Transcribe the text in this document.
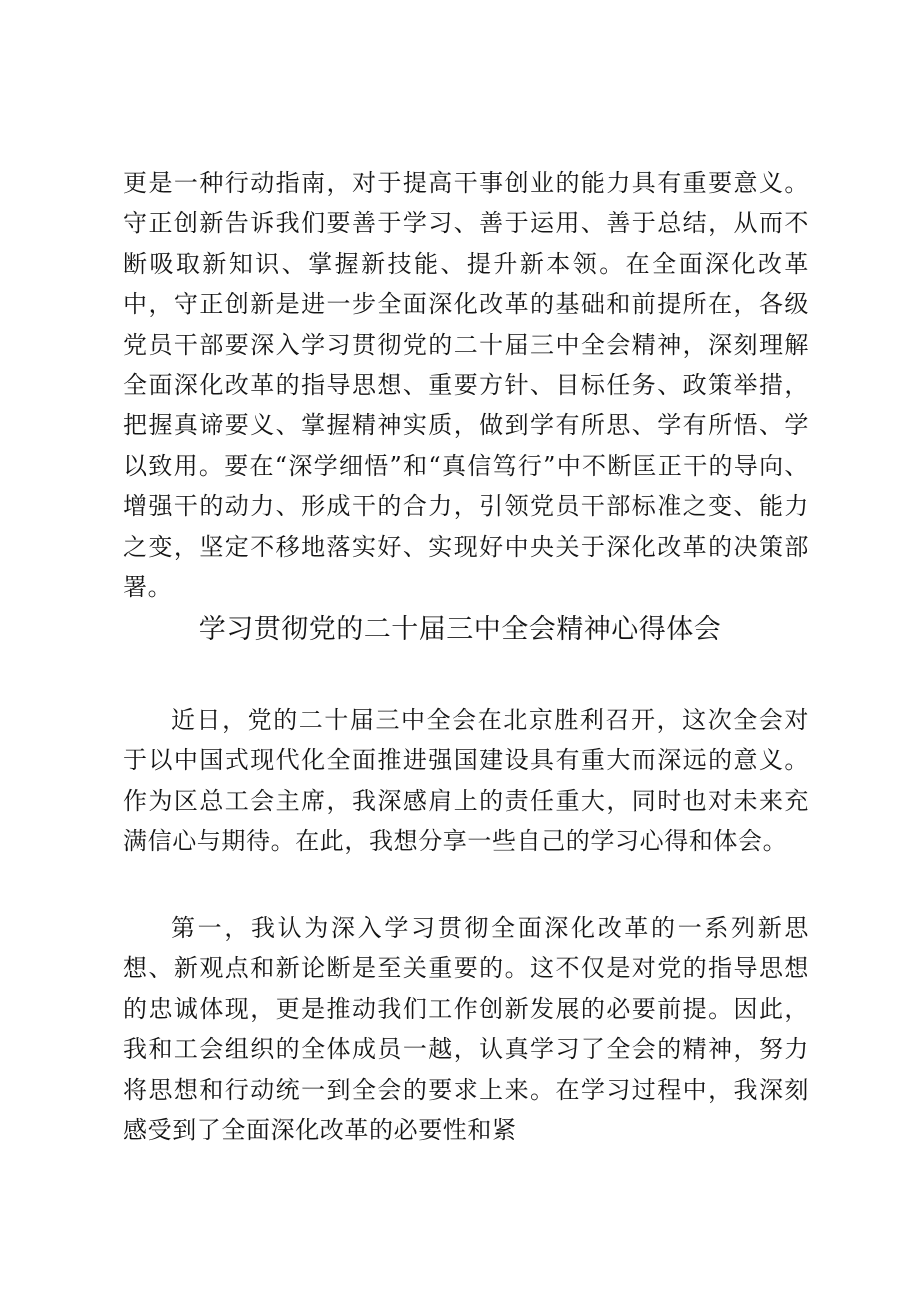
更是一种行动指南，对于提高干事创业的能力具有重要意义。守正创新告诉我们要善于学习、善于运用、善于总结，从而不断吸取新知识、掌握新技能、提升新本领。在全面深化改革中，守正创新是进一步全面深化改革的基础和前提所在，各级党员干部要深入学习贯彻党的二十届三中全会精神，深刻理解全面深化改革的指导思想、重要方针、目标任务、政策举措，把握真谛要义、掌握精神实质，做到学有所思、学有所悟、学以致用。要在“深学细悟”和“真信笃行”中不断匡正干的导向、增强干的动力、形成干的合力，引领党员干部标准之变、能力之变，坚定不移地落实好、实现好中央关于深化改革的决策部署。

学习贯彻党的二十届三中全会精神心得体会

近日，党的二十届三中全会在北京胜利召开，这次全会对于以中国式现代化全面推进强国建设具有重大而深远的意义。作为区总工会主席，我深感肩上的责任重大，同时也对未来充满信心与期待。在此，我想分享一些自己的学习心得和体会。

第一，我认为深入学习贯彻全面深化改革的一系列新思想、新观点和新论断是至关重要的。这不仅是对党的指导思想的忠诚体现，更是推动我们工作创新发展的必要前提。因此，我和工会组织的全体成员一越，认真学习了全会的精神，努力将思想和行动统一到全会的要求上来。在学习过程中，我深刻感受到了全面深化改革的必要性和紧
